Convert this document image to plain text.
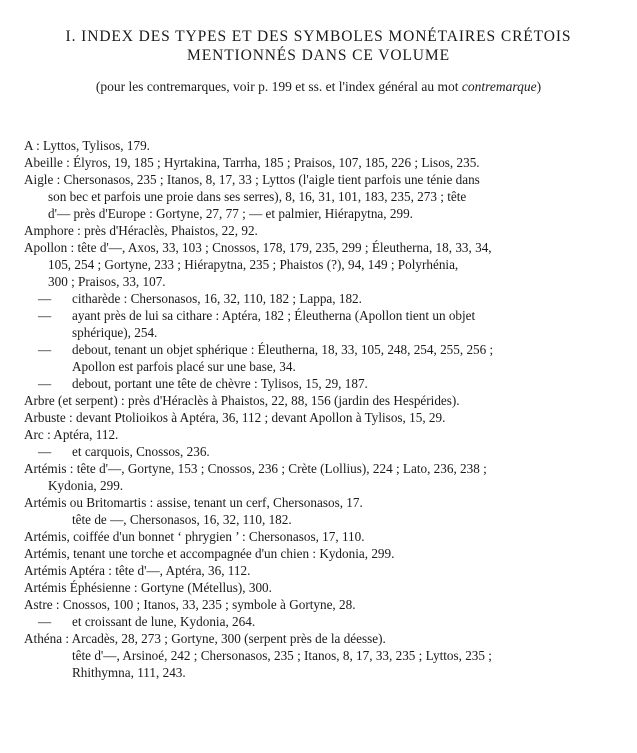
I. INDEX DES TYPES ET DES SYMBOLES MONÉTAIRES CRÉTOIS
MENTIONNÉS DANS CE VOLUME
(pour les contremarques, voir p. 199 et ss. et l'index général au mot contremarque)
A : Lyttos, Tylisos, 179.
Abeille : Élyros, 19, 185 ; Hyrtakina, Tarrha, 185 ; Praisos, 107, 185, 226 ; Lisos, 235.
Aigle : Chersonasos, 235 ; Itanos, 8, 17, 33 ; Lyttos (l'aigle tient parfois une ténie dans
son bec et parfois une proie dans ses serres), 8, 16, 31, 101, 183, 235, 273 ; tête
d'— près d'Europe : Gortyne, 27, 77 ; — et palmier, Hiérapytna, 299.
Amphore : près d'Héraclès, Phaistos, 22, 92.
Apollon : tête d'—, Axos, 33, 103 ; Cnossos, 178, 179, 235, 299 ; Éleutherna, 18, 33, 34,
105, 254 ; Gortyne, 233 ; Hiérapytna, 235 ; Phaistos (?), 94, 149 ; Polyrhénia,
300 ; Praisos, 33, 107.
— citharède : Chersonasos, 16, 32, 110, 182 ; Lappa, 182.
— ayant près de lui sa cithare : Aptéra, 182 ; Éleutherna (Apollon tient un objet
sphérique), 254.
— debout, tenant un objet sphérique : Éleutherna, 18, 33, 105, 248, 254, 255, 256 ;
Apollon est parfois placé sur une base, 34.
— debout, portant une tête de chèvre : Tylisos, 15, 29, 187.
Arbre (et serpent) : près d'Héraclès à Phaistos, 22, 88, 156 (jardin des Hespérides).
Arbuste : devant Ptolioikos à Aptéra, 36, 112 ; devant Apollon à Tylisos, 15, 29.
Arc : Aptéra, 112.
— et carquois, Cnossos, 236.
Artémis : tête d'—, Gortyne, 153 ; Cnossos, 236 ; Crète (Lollius), 224 ; Lato, 236, 238 ;
Kydonia, 299.
Artémis ou Britomartis : assise, tenant un cerf, Chersonasos, 17.
tête de —, Chersonasos, 16, 32, 110, 182.
Artémis, coiffée d'un bonnet ‘ phrygien ’ : Chersonasos, 17, 110.
Artémis, tenant une torche et accompagnée d'un chien : Kydonia, 299.
Artémis Aptéra : tête d'—, Aptéra, 36, 112.
Artémis Éphésienne : Gortyne (Métellus), 300.
Astre : Cnossos, 100 ; Itanos, 33, 235 ; symbole à Gortyne, 28.
— et croissant de lune, Kydonia, 264.
Athéna : Arcadès, 28, 273 ; Gortyne, 300 (serpent près de la déesse).
tête d'—, Arsinoé, 242 ; Chersonasos, 235 ; Itanos, 8, 17, 33, 235 ; Lyttos, 235 ;
Rhithymna, 111, 243.
